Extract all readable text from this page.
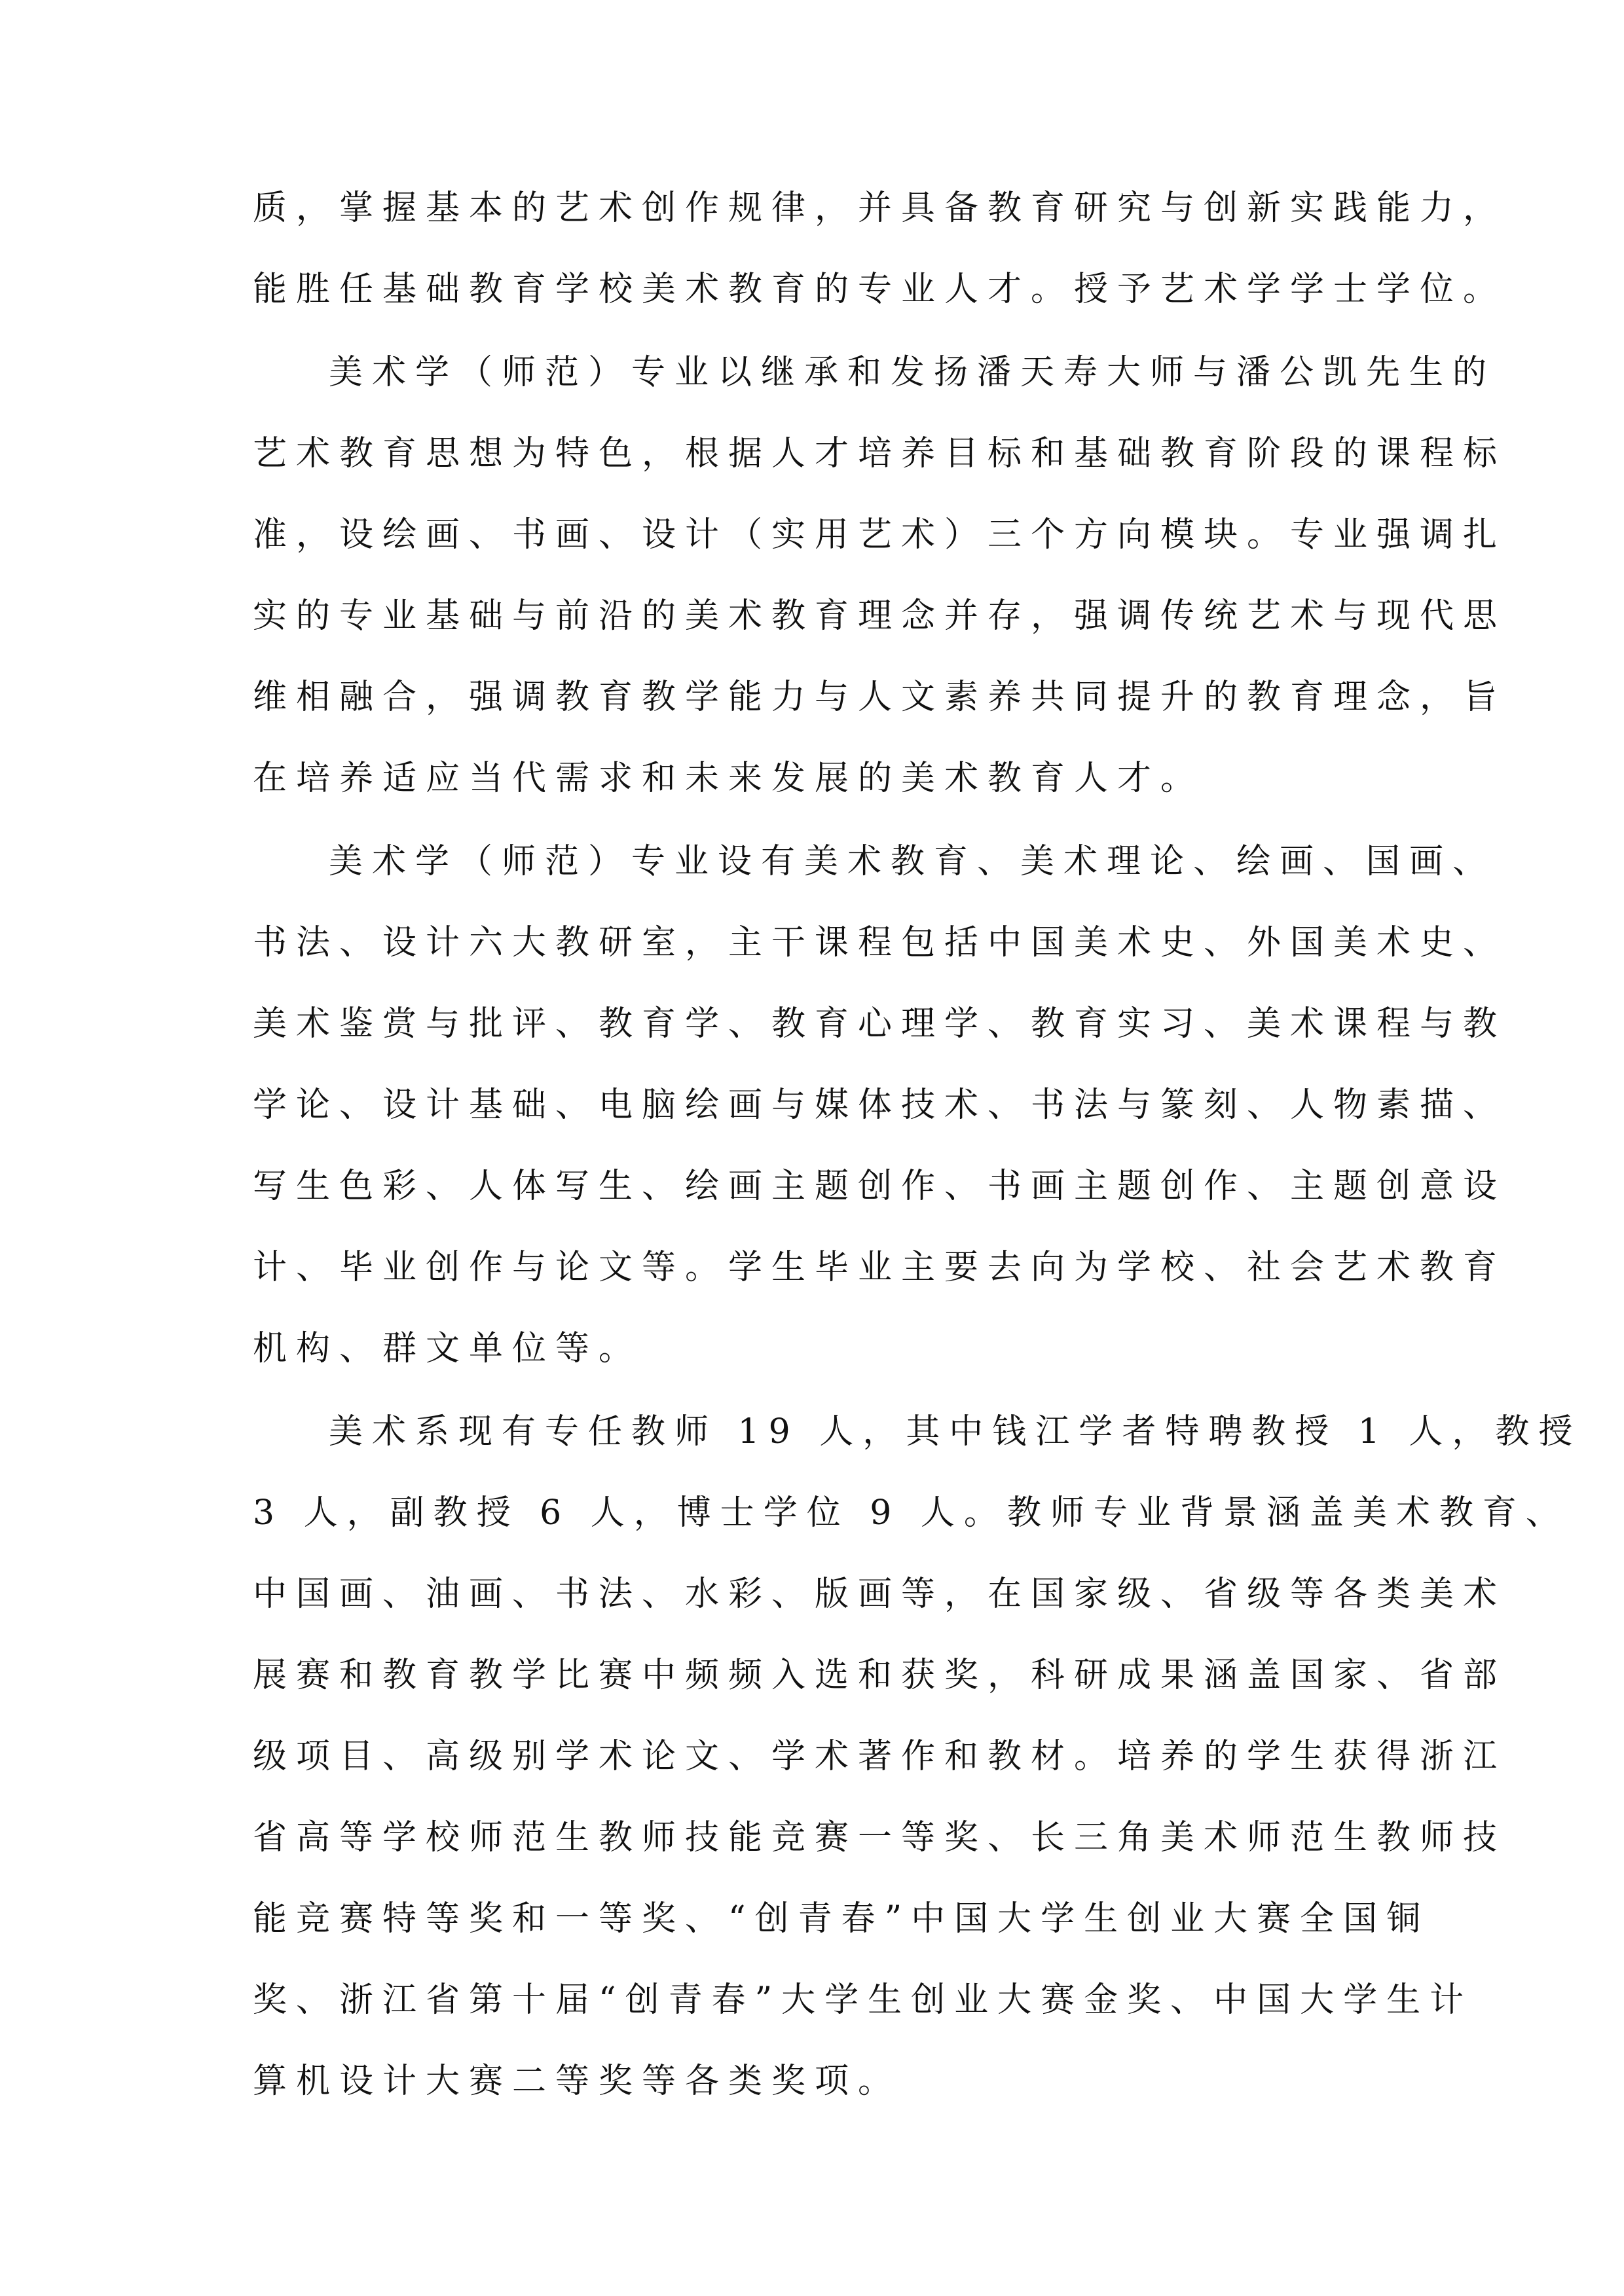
质，掌握基本的艺术创作规律，并具备教育研究与创新实践能力，
能胜任基础教育学校美术教育的专业人才。授予艺术学学士学位。

美术学（师范）专业以继承和发扬潘天寿大师与潘公凯先生的
艺术教育思想为特色，根据人才培养目标和基础教育阶段的课程标
准，设绘画、书画、设计（实用艺术）三个方向模块。专业强调扎
实的专业基础与前沿的美术教育理念并存，强调传统艺术与现代思
维相融合，强调教育教学能力与人文素养共同提升的教育理念，旨
在培养适应当代需求和未来发展的美术教育人才。

美术学（师范）专业设有美术教育、美术理论、绘画、国画、
书法、设计六大教研室，主干课程包括中国美术史、外国美术史、
美术鉴赏与批评、教育学、教育心理学、教育实习、美术课程与教
学论、设计基础、电脑绘画与媒体技术、书法与篆刻、人物素描、
写生色彩、人体写生、绘画主题创作、书画主题创作、主题创意设
计、毕业创作与论文等。学生毕业主要去向为学校、社会艺术教育
机构、群文单位等。

美术系现有专任教师 19 人，其中钱江学者特聘教授 1 人，教授
3 人，副教授 6 人，博士学位 9 人。教师专业背景涵盖美术教育、
中国画、油画、书法、水彩、版画等，在国家级、省级等各类美术
展赛和教育教学比赛中频频入选和获奖，科研成果涵盖国家、省部
级项目、高级别学术论文、学术著作和教材。培养的学生获得浙江
省高等学校师范生教师技能竞赛一等奖、长三角美术师范生教师技
能竞赛特等奖和一等奖、“创青春”中国大学生创业大赛全国铜
奖、浙江省第十届“创青春”大学生创业大赛金奖、中国大学生计
算机设计大赛二等奖等各类奖项。
